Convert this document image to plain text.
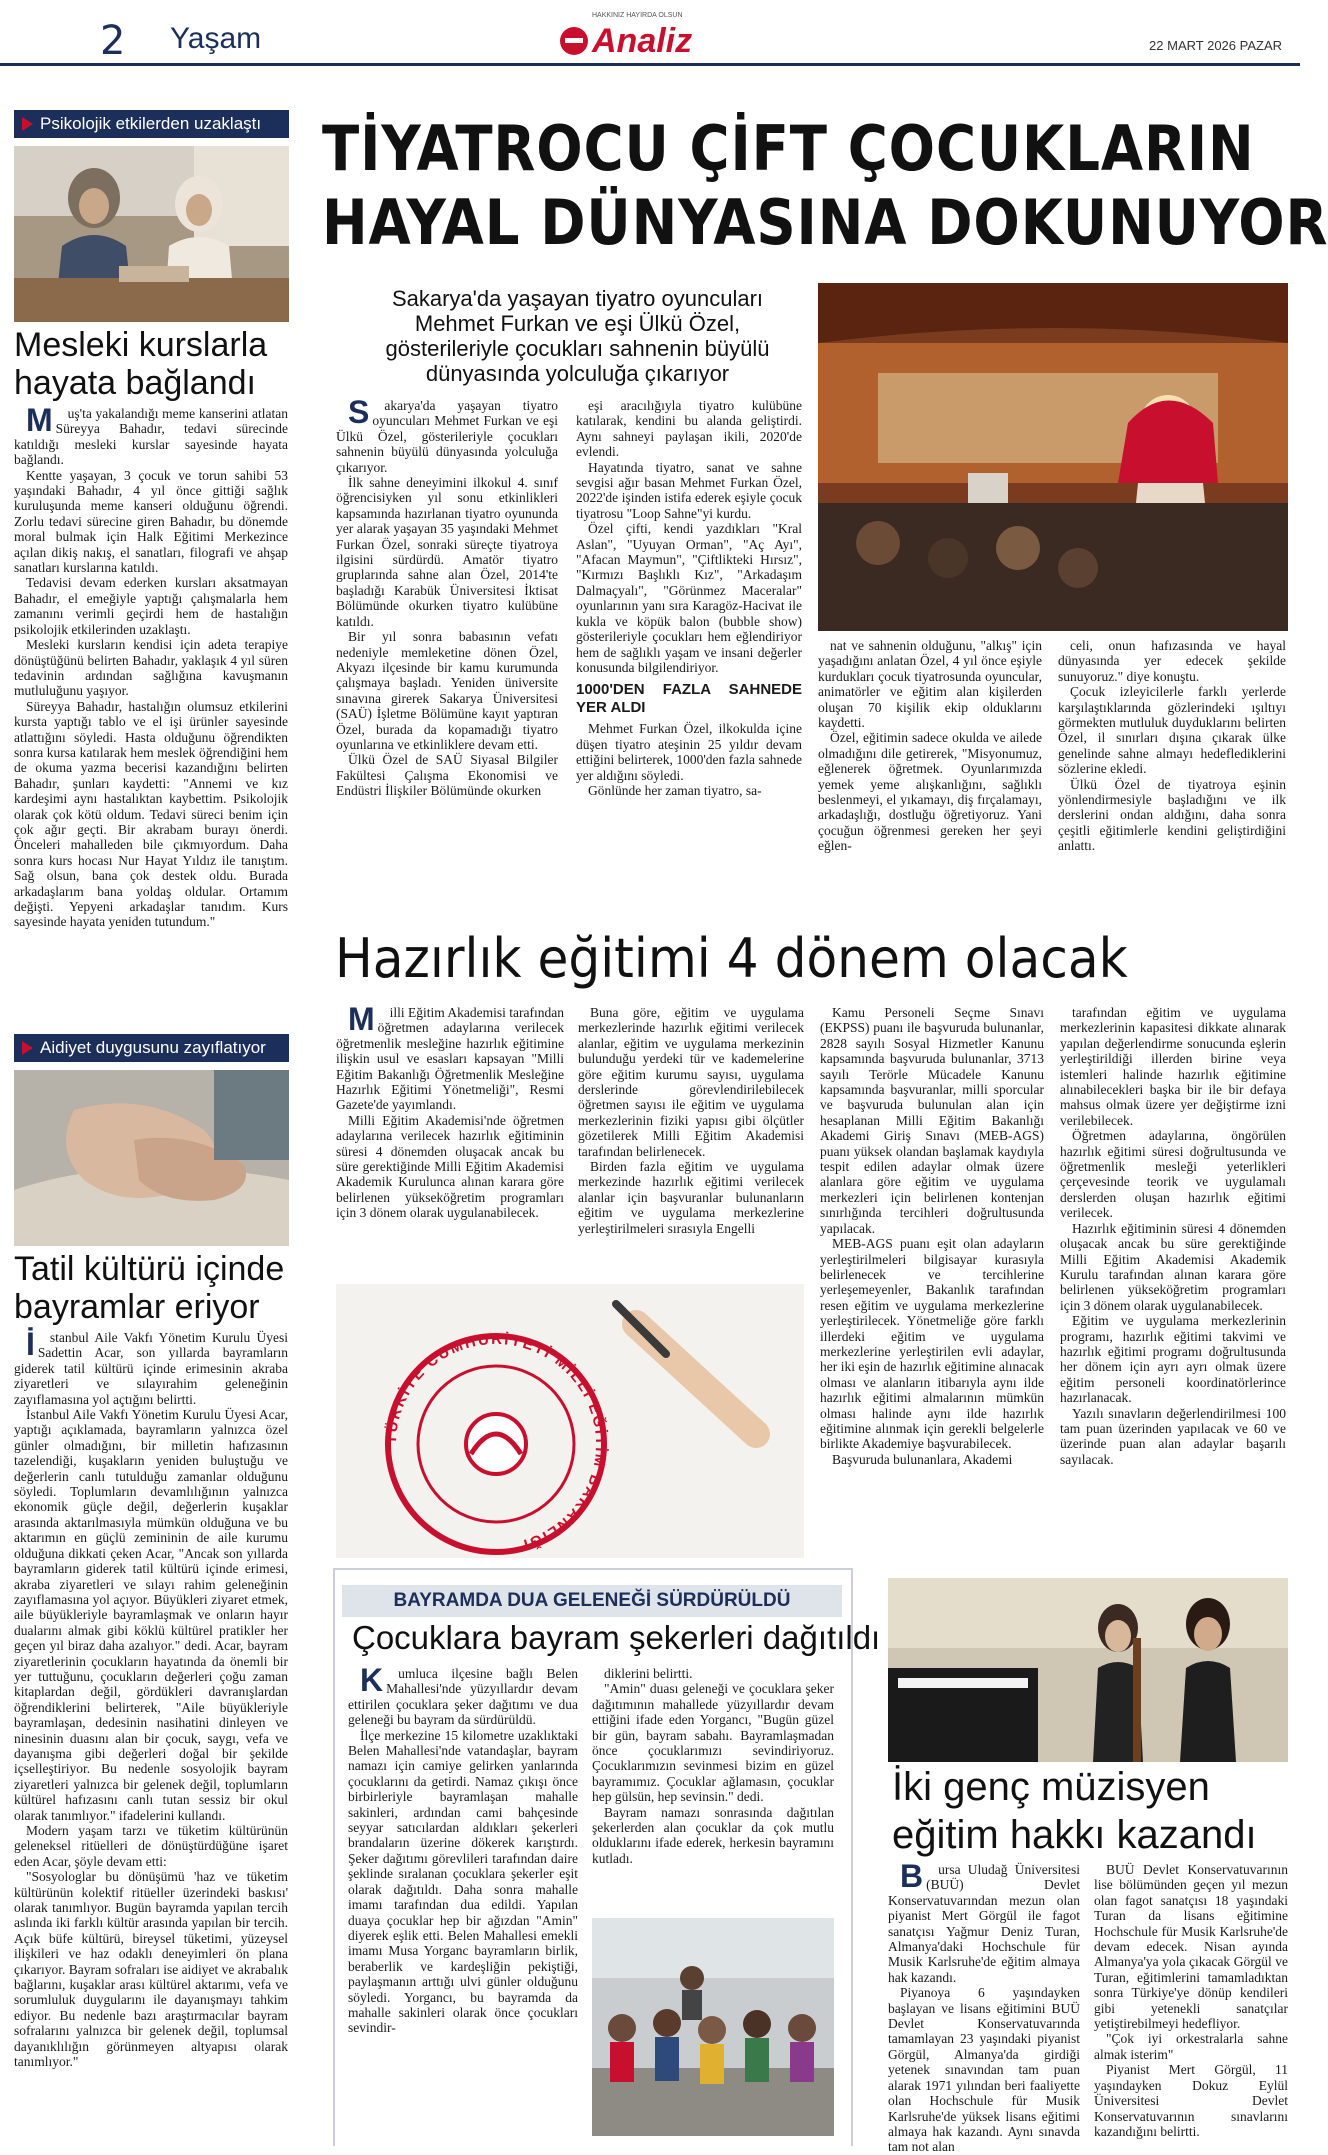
2 Yaşam
HAKKINIZ HAYIRDA OLSUN
Analiz	22 MART 2026 PAZAR
Psikolojik etkilerden uzaklaştı
Mesleki kurslarla hayata bağlandı

Muş'ta yakalandığı meme kanserini atlatan Süreyya Bahadır, tedavi sürecinde katıldığı mesleki kurslar sayesinde hayata bağlandı.

Kentte yaşayan, 3 çocuk ve torun sahibi 53 yaşındaki Bahadır, 4 yıl önce gittiği sağlık kuruluşunda meme kanseri olduğunu öğrendi. Zorlu tedavi sürecine giren Bahadır, bu dönemde moral bulmak için Halk Eğitimi Merkezince açılan dikiş nakış, el sanatları, filografi ve ahşap sanatları kurslarına katıldı.

Tedavisi devam ederken kursları aksatmayan Bahadır, el emeğiyle yaptığı çalışmalarla hem zamanını verimli geçirdi hem de hastalığın psikolojik etkilerinden uzaklaştı.

Mesleki kursların kendisi için adeta terapiye dönüştüğünü belirten Bahadır, yaklaşık 4 yıl süren tedavinin ardından sağlığına kavuşmanın mutluluğunu yaşıyor.

Süreyya Bahadır, hastalığın olumsuz etkilerini kursta yaptığı tablo ve el işi ürünler sayesinde atlattığını söyledi. Hasta olduğunu öğrendikten sonra kursa katılarak hem meslek öğrendiğini hem de okuma yazma becerisi kazandığını belirten Bahadır, şunları kaydetti: "Annemi ve kız kardeşimi aynı hastalıktan kaybettim. Psikolojik olarak çok kötü oldum. Tedavi süreci benim için çok ağır geçti. Bir akrabam burayı önerdi. Önceleri mahalleden bile çıkmıyordum. Daha sonra kurs hocası Nur Hayat Yıldız ile tanıştım. Sağ olsun, bana çok destek oldu. Burada arkadaşlarım bana yoldaş oldular. Ortamım değişti. Yepyeni arkadaşlar tanıdım. Kurs sayesinde hayata yeniden tutundum."

Aidiyet duygusunu zayıflatıyor
Tatil kültürü içinde bayramlar eriyor

İstanbul Aile Vakfı Yönetim Kurulu Üyesi Sadettin Acar, son yıllarda bayramların giderek tatil kültürü içinde erimesinin akraba ziyaretleri ve sılayırahim geleneğinin zayıflamasına yol açtığını belirtti.

İstanbul Aile Vakfı Yönetim Kurulu Üyesi Acar, yaptığı açıklamada, bayramların yalnızca özel günler olmadığını, bir milletin hafızasının tazelendiği, kuşakların yeniden buluştuğu ve değerlerin canlı tutulduğu zamanlar olduğunu söyledi. Toplumların devamlılığının yalnızca ekonomik güçle değil, değerlerin kuşaklar arasında aktarılmasıyla mümkün olduğuna ve bu aktarımın en güçlü zemininin de aile kurumu olduğuna dikkati çeken Acar, "Ancak son yıllarda bayramların giderek tatil kültürü içinde erimesi, akraba ziyaretleri ve sılayı rahim geleneğinin zayıflamasına yol açıyor. Büyükleri ziyaret etmek, aile büyükleriyle bayramlaşmak ve onların hayır dualarını almak gibi köklü kültürel pratikler her geçen yıl biraz daha azalıyor." dedi. Acar, bayram ziyaretlerinin çocukların hayatında da önemli bir yer tuttuğunu, çocukların değerleri çoğu zaman kitaplardan değil, gördükleri davranışlardan öğrendiklerini belirterek, "Aile büyükleriyle bayramlaşan, dedesinin nasihatini dinleyen ve ninesinin duasını alan bir çocuk, saygı, vefa ve dayanışma gibi değerleri doğal bir şekilde içselleştiriyor. Bu nedenle sosyolojik bayram ziyaretleri yalnızca bir gelenek değil, toplumların kültürel hafızasını canlı tutan sessiz bir okul olarak tanımlıyor." ifadelerini kullandı.

Modern yaşam tarzı ve tüketim kültürünün geleneksel ritüelleri de dönüştürdüğüne işaret eden Acar, şöyle devam etti:

"Sosyologlar bu dönüşümü 'haz ve tüketim kültürünün kolektif ritüeller üzerindeki baskısı' olarak tanımlıyor. Bugün bayramda yapılan tercih aslında iki farklı kültür arasında yapılan bir tercih. Açık büfe kültürü, bireysel tüketimi, yüzeysel ilişkileri ve haz odaklı deneyimleri ön plana çıkarıyor. Bayram sofraları ise aidiyet ve akrabalık bağlarını, kuşaklar arası kültürel aktarımı, vefa ve sorumluluk duygularını ile dayanışmayı tahkim ediyor. Bu nedenle bazı araştırmacılar bayram sofralarını yalnızca bir gelenek değil, toplumsal dayanıklılığın görünmeyen altyapısı olarak tanımlıyor."

TİYATROCU ÇİFT ÇOCUKLARIN
HAYAL DÜNYASINA DOKUNUYOR
Sakarya'da yaşayan tiyatro oyuncuları Mehmet Furkan ve eşi Ülkü Özel, gösterileriyle çocukları sahnenin büyülü dünyasında yolculuğa çıkarıyor

Sakarya'da yaşayan tiyatro oyuncuları Mehmet Furkan ve eşi Ülkü Özel, gösterileriyle çocukları sahnenin büyülü dünyasında yolculuğa çıkarıyor.

İlk sahne deneyimini ilkokul 4. sınıf öğrencisiyken yıl sonu etkinlikleri kapsamında hazırlanan tiyatro oyununda yer alarak yaşayan 35 yaşındaki Mehmet Furkan Özel, sonraki süreçte tiyatroya ilgisini sürdürdü. Amatör tiyatro gruplarında sahne alan Özel, 2014'te başladığı Karabük Üniversitesi İktisat Bölümünde okurken tiyatro kulübüne katıldı.

Bir yıl sonra babasının vefatı nedeniyle memleketine dönen Özel, Akyazı ilçesinde bir kamu kurumunda çalışmaya başladı. Yeniden üniversite sınavına girerek Sakarya Üniversitesi (SAÜ) İşletme Bölümüne kayıt yaptıran Özel, burada da kopamadığı tiyatro oyunlarına ve etkinliklere devam etti.

Ülkü Özel de SAÜ Siyasal Bilgiler Fakültesi Çalışma Ekonomisi ve Endüstri İlişkiler Bölümünde okurken

eşi aracılığıyla tiyatro kulübüne katılarak, kendini bu alanda geliştirdi. Aynı sahneyi paylaşan ikili, 2020'de evlendi.

Hayatında tiyatro, sanat ve sahne sevgisi ağır basan Mehmet Furkan Özel, 2022'de işinden istifa ederek eşiyle çocuk tiyatrosu "Loop Sahne"yi kurdu.

Özel çifti, kendi yazdıkları "Kral Aslan", "Uyuyan Orman", "Aç Ayı", "Afacan Maymun", "Çiftlikteki Hırsız", "Kırmızı Başlıklı Kız", "Arkadaşım Dalmaçyalı", "Görünmez Maceralar" oyunlarının yanı sıra Karagöz-Hacivat ile kukla ve köpük balon (bubble show) gösterileriyle çocukları hem eğlendiriyor hem de sağlıklı yaşam ve insani değerler konusunda bilgilendiriyor.

1000'DEN FAZLA SAHNEDE YER ALDI

Mehmet Furkan Özel, ilkokulda içine düşen tiyatro ateşinin 25 yıldır devam ettiğini belirterek, 1000'den fazla sahnede yer aldığını söyledi.

Gönlünde her zaman tiyatro, sa-

nat ve sahnenin olduğunu, "alkış" için yaşadığını anlatan Özel, 4 yıl önce eşiyle kurdukları çocuk tiyatrosunda oyuncular, animatörler ve eğitim alan kişilerden oluşan 70 kişilik ekip olduklarını kaydetti.

Özel, eğitimin sadece okulda ve ailede olmadığını dile getirerek, "Misyonumuz, eğlenerek öğretmek. Oyunlarımızda yemek yeme alışkanlığını, sağlıklı beslenmeyi, el yıkamayı, diş fırçalamayı, arkadaşlığı, dostluğu öğretiyoruz. Yani çocuğun öğrenmesi gereken her şeyi eğlen-

celi, onun hafızasında ve hayal dünyasında yer edecek şekilde sunuyoruz." diye konuştu.

Çocuk izleyicilerle farklı yerlerde karşılaştıklarında gözlerindeki ışıltıyı görmekten mutluluk duyduklarını belirten Özel, il sınırları dışına çıkarak ülke genelinde sahne almayı hedeflediklerini sözlerine ekledi.

Ülkü Özel de tiyatroya eşinin yönlendirmesiyle başladığını ve ilk derslerini ondan aldığını, daha sonra çeşitli eğitimlerle kendini geliştirdiğini anlattı.

Hazırlık eğitimi 4 dönem olacak

Milli Eğitim Akademisi tarafından öğretmen adaylarına verilecek öğretmenlik mesleğine hazırlık eğitimine ilişkin usul ve esasları kapsayan "Milli Eğitim Bakanlığı Öğretmenlik Mesleğine Hazırlık Eğitimi Yönetmeliği", Resmi Gazete'de yayımlandı.

Milli Eğitim Akademisi'nde öğretmen adaylarına verilecek hazırlık eğitiminin süresi 4 dönemden oluşacak ancak bu süre gerektiğinde Milli Eğitim Akademisi Akademik Kurulunca alınan karara göre belirlenen yükseköğretim programları için 3 dönem olarak uygulanabilecek.

Buna göre, eğitim ve uygulama merkezlerinde hazırlık eğitimi verilecek alanlar, eğitim ve uygulama merkezinin bulunduğu yerdeki tür ve kademelerine göre eğitim kurumu sayısı, uygulama derslerinde görevlendirilebilecek öğretmen sayısı ile eğitim ve uygulama merkezlerinin fiziki yapısı gibi ölçütler gözetilerek Milli Eğitim Akademisi tarafından belirlenecek.

Birden fazla eğitim ve uygulama merkezinde hazırlık eğitimi verilecek alanlar için başvuranlar bulunanların eğitim ve uygulama merkezlerine yerleştirilmeleri sırasıyla Engelli

TÜRKİYE CUMHURİYETİ MİLLİ EĞİTİM BAKANLIĞI

Kamu Personeli Seçme Sınavı (EKPSS) puanı ile başvuruda bulunanlar, 2828 sayılı Sosyal Hizmetler Kanunu kapsamında başvuruda bulunanlar, 3713 sayılı Terörle Mücadele Kanunu kapsamında başvuranlar, milli sporcular ve başvuruda bulunulan alan için hesaplanan Milli Eğitim Bakanlığı Akademi Giriş Sınavı (MEB-AGS) puanı yüksek olandan başlamak kaydıyla tespit edilen adaylar olmak üzere alanlara göre eğitim ve uygulama merkezleri için belirlenen kontenjan sınırlığında tercihleri doğrultusunda yapılacak.

MEB-AGS puanı eşit olan adayların yerleştirilmeleri bilgisayar kurasıyla belirlenecek ve tercihlerine yerleşemeyenler, Bakanlık tarafından resen eğitim ve uygulama merkezlerine yerleştirilecek. Yönetmeliğe göre farklı illerdeki eğitim ve uygulama merkezlerine yerleştirilen evli adaylar, her iki eşin de hazırlık eğitimine alınacak olması ve alanların itibarıyla aynı ilde hazırlık eğitimi almalarının mümkün olması halinde aynı ilde hazırlık eğitimine alınmak için gerekli belgelerle birlikte Akademiye başvurabilecek.

Başvuruda bulunanlara, Akademi

tarafından eğitim ve uygulama merkezlerinin kapasitesi dikkate alınarak yapılan değerlendirme sonucunda eşlerin yerleştirildiği illerden birine veya istemleri halinde hazırlık eğitimine alınabilecekleri başka bir ile bir defaya mahsus olmak üzere yer değiştirme izni verilebilecek.

Öğretmen adaylarına, öngörülen hazırlık eğitimi süresi doğrultusunda ve öğretmenlik mesleği yeterlikleri çerçevesinde teorik ve uygulamalı derslerden oluşan hazırlık eğitimi verilecek.

Hazırlık eğitiminin süresi 4 dönemden oluşacak ancak bu süre gerektiğinde Milli Eğitim Akademisi Akademik Kurulu tarafından alınan karara göre belirlenen yükseköğretim programları için 3 dönem olarak uygulanabilecek.

Eğitim ve uygulama merkezlerinin programı, hazırlık eğitimi takvimi ve hazırlık eğitimi programı doğrultusunda her dönem için ayrı ayrı olmak üzere eğitim personeli koordinatörlerince hazırlanacak.

Yazılı sınavların değerlendirilmesi 100 tam puan üzerinden yapılacak ve 60 ve üzerinde puan alan adaylar başarılı sayılacak.

BAYRAMDA DUA GELENEĞİ SÜRDÜRÜLDÜ
Çocuklara bayram şekerleri dağıtıldı

Kumluca ilçesine bağlı Belen Mahallesi'nde yüzyıllardır devam ettirilen çocuklara şeker dağıtımı ve dua geleneği bu bayram da sürdürüldü.

İlçe merkezine 15 kilometre uzaklıktaki Belen Mahallesi'nde vatandaşlar, bayram namazı için camiye gelirken yanlarında çocuklarını da getirdi. Namaz çıkışı önce birbirleriyle bayramlaşan mahalle sakinleri, ardından cami bahçesinde seyyar satıcılardan aldıkları şekerleri brandaların üzerine dökerek karıştırdı. Şeker dağıtımı görevlileri tarafından daire şeklinde sıralanan çocuklara şekerler eşit olarak dağıtıldı. Daha sonra mahalle imamı tarafından dua edildi. Yapılan duaya çocuklar hep bir ağızdan "Amin" diyerek eşlik etti. Belen Mahallesi emekli imamı Musa Yorganc bayramların birlik, beraberlik ve kardeşliğin pekiştiği, paylaşmanın arttığı ulvi günler olduğunu söyledi. Yorgancı, bu bayramda da mahalle sakinleri olarak önce çocukları sevindir-

diklerini belirtti.

"Amin" duası geleneği ve çocuklara şeker dağıtımının mahallede yüzyıllardır devam ettiğini ifade eden Yorgancı, "Bugün güzel bir gün, bayram sabahı. Bayramlaşmadan önce çocuklarımızı sevindiriyoruz. Çocuklarımızın sevinmesi bizim en güzel bayramımız. Çocuklar ağlamasın, çocuklar hep gülsün, hep sevinsin." dedi.

Bayram namazı sonrasında dağıtılan şekerlerden alan çocuklar da çok mutlu olduklarını ifade ederek, herkesin bayramını kutladı.

İki genç müzisyen eğitim hakkı kazandı

Bursa Uludağ Üniversitesi (BUÜ) Devlet Konservatuvarından mezun olan piyanist Mert Görgül ile fagot sanatçısı Yağmur Deniz Turan, Almanya'daki Hochschule für Musik Karlsruhe'de eğitim almaya hak kazandı.

Piyanoya 6 yaşındayken başlayan ve lisans eğitimini BUÜ Devlet Konservatuvarında tamamlayan 23 yaşındaki piyanist Görgül, Almanya'da girdiği yetenek sınavından tam puan alarak 1971 yılından beri faaliyette olan Hochschule für Musik Karlsruhe'de yüksek lisans eğitimi almaya hak kazandı. Aynı sınavda tam not alan

BUÜ Devlet Konservatuvarının lise bölümünden geçen yıl mezun olan fagot sanatçısı 18 yaşındaki Turan da lisans eğitimine Hochschule für Musik Karlsruhe'de devam edecek. Nisan ayında Almanya'ya yola çıkacak Görgül ve Turan, eğitimlerini tamamladıktan sonra Türkiye'ye dönüp kendileri gibi yetenekli sanatçılar yetiştirebilmeyi hedefliyor.

"Çok iyi orkestralarla sahne almak isterim"

Piyanist Mert Görgül, 11 yaşındayken Dokuz Eylül Üniversitesi Devlet Konservatuvarının sınavlarını kazandığını belirtti.
